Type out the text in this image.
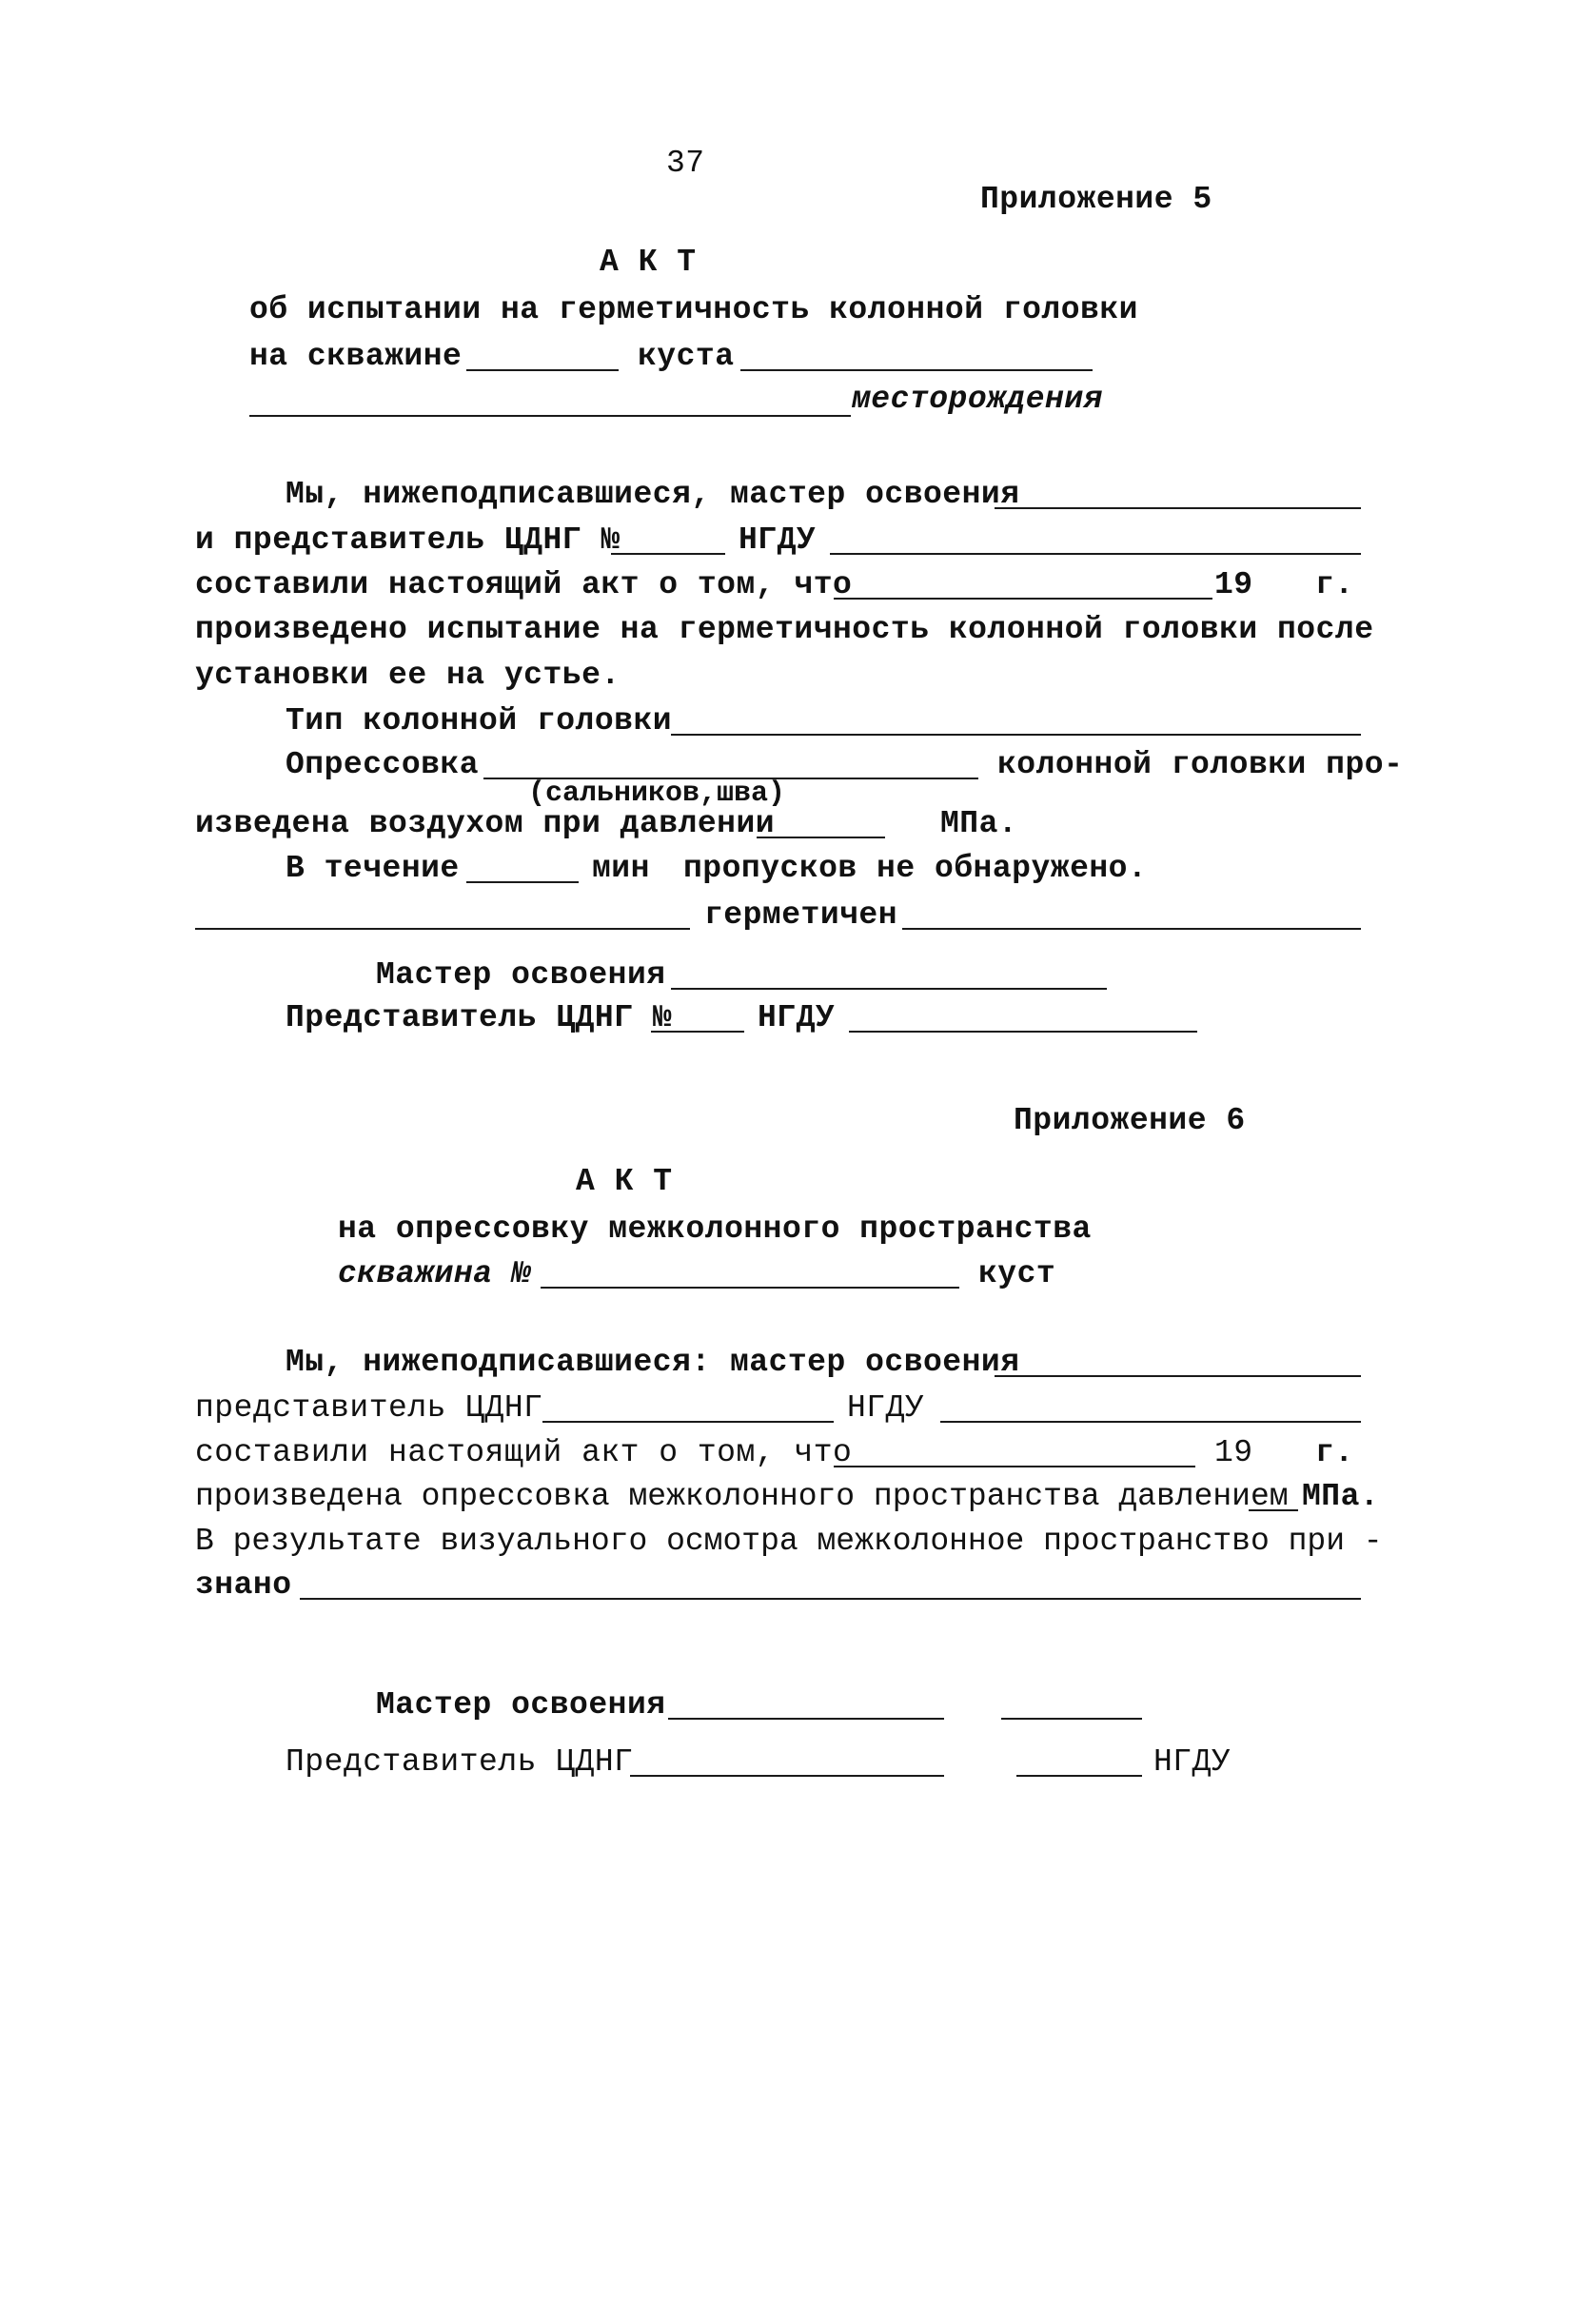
37
Приложение 5
А К Т
об испытании на герметичность колонной головки
на скважине	куста
месторождения
Мы, нижеподписавшиеся, мастер освоения
и представитель ЦДНГ №	НГДУ
составили настоящий акт о том, что	19 г.
произведено испытание на герметичность колонной головки после
установки ее на устье.
Тип колонной головки
Опрессовка	колонной головки про-
(сальников,шва)
изведена воздухом при давлении	МПа.
В течение	мин пропусков не обнаружено.
герметичен
Мастер освоения
Представитель ЦДНГ №	НГДУ
Приложение 6
А К Т
на опрессовку межколонного пространства
скважина №	куст
Мы, нижеподписавшиеся: мастер освоения
представитель ЦДНГ	НГДУ
составили настоящий акт о том, что	19 г.
произведена опрессовка межколонного пространства давлением МПа.
В результате визуального осмотра межколонное пространство при -
знано
Мастер освоения
Представитель ЦДНГ	НГДУ
